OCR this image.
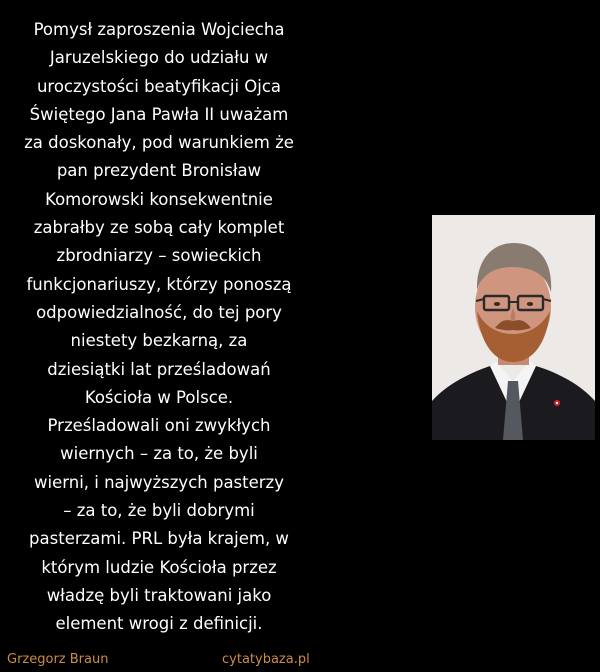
Pomysł zaproszenia Wojciecha
Jaruzelskiego do udziału w
uroczystości beatyfikacji Ojca
Świętego Jana Pawła II uważam
za doskonały, pod warunkiem że
pan prezydent Bronisław
Komorowski konsekwentnie
zabrałby ze sobą cały komplet
zbrodniarzy – sowieckich
funkcjonariuszy, którzy ponoszą
odpowiedzialność, do tej pory
niestety bezkarną, za
dziesiątki lat prześladowań
Kościoła w Polsce.
Prześladowali oni zwykłych
wiernych – za to, że byli
wierni, i najwyższych pasterzy
– za to, że byli dobrymi
pasterzami. PRL była krajem, w
którym ludzie Kościoła przez
władzę byli traktowani jako
element wrogi z definicji.

Grzegorz Braun	cytatybaza.pl
